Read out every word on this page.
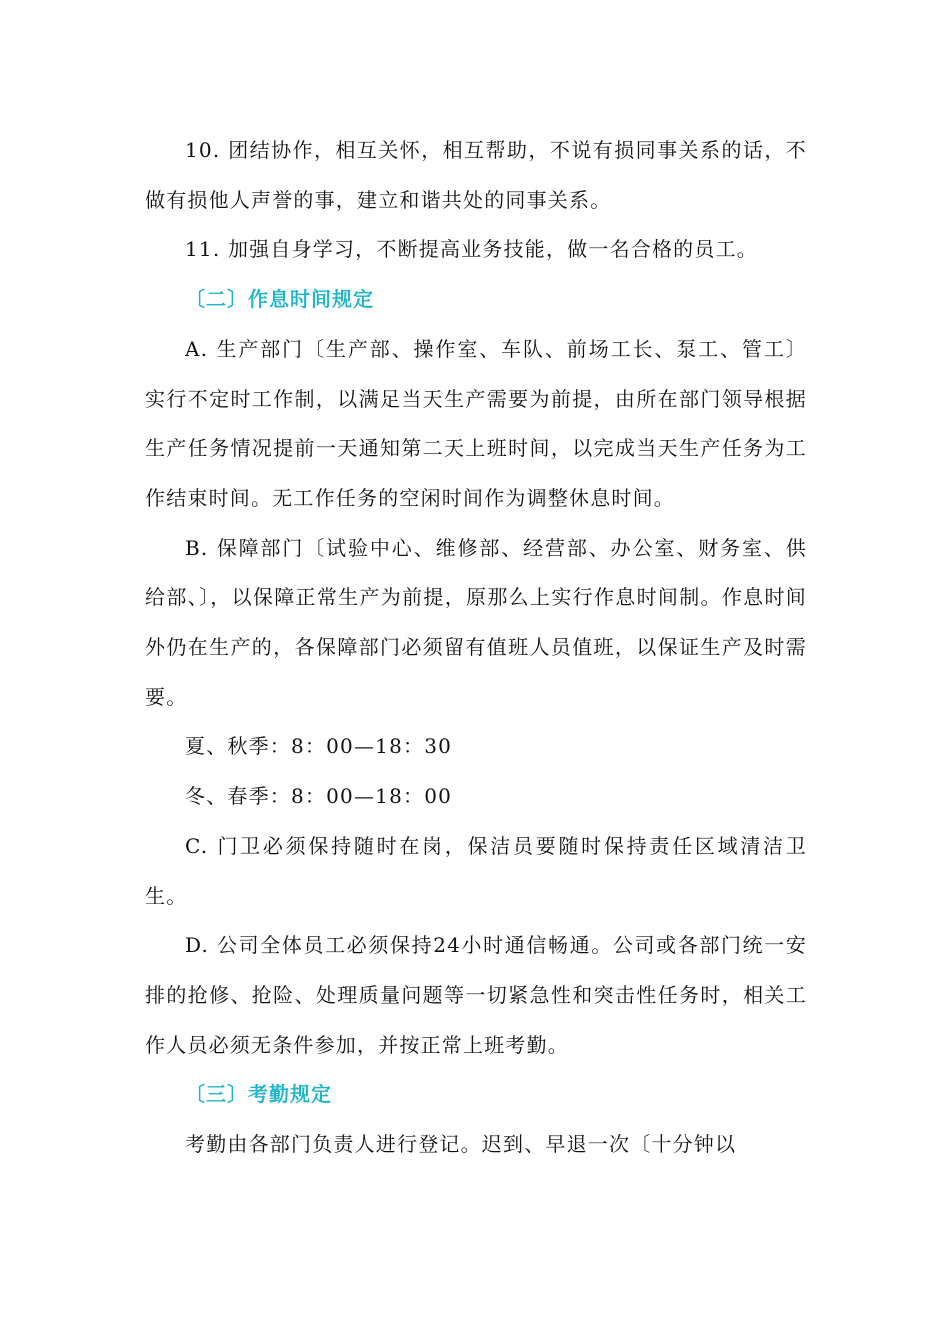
10. 团结协作，相互关怀，相互帮助，不说有损同事关系的话，不做有损他人声誉的事，建立和谐共处的同事关系。

11. 加强自身学习，不断提高业务技能，做一名合格的员工。

〔二〕作息时间规定

A. 生产部门〔生产部、操作室、车队、前场工长、泵工、管工〕实行不定时工作制，以满足当天生产需要为前提，由所在部门领导根据生产任务情况提前一天通知第二天上班时间，以完成当天生产任务为工作结束时间。无工作任务的空闲时间作为调整休息时间。

B. 保障部门〔试验中心、维修部、经营部、办公室、财务室、供给部、〕，以保障正常生产为前提，原那么上实行作息时间制。作息时间外仍在生产的，各保障部门必须留有值班人员值班，以保证生产及时需要。

夏、秋季：8：00—18：30

冬、春季：8：00—18：00

C. 门卫必须保持随时在岗，保洁员要随时保持责任区域清洁卫生。

D. 公司全体员工必须保持24小时通信畅通。公司或各部门统一安排的抢修、抢险、处理质量问题等一切紧急性和突击性任务时，相关工作人员必须无条件参加，并按正常上班考勤。

〔三〕考勤规定

考勤由各部门负责人进行登记。迟到、早退一次〔十分钟以
